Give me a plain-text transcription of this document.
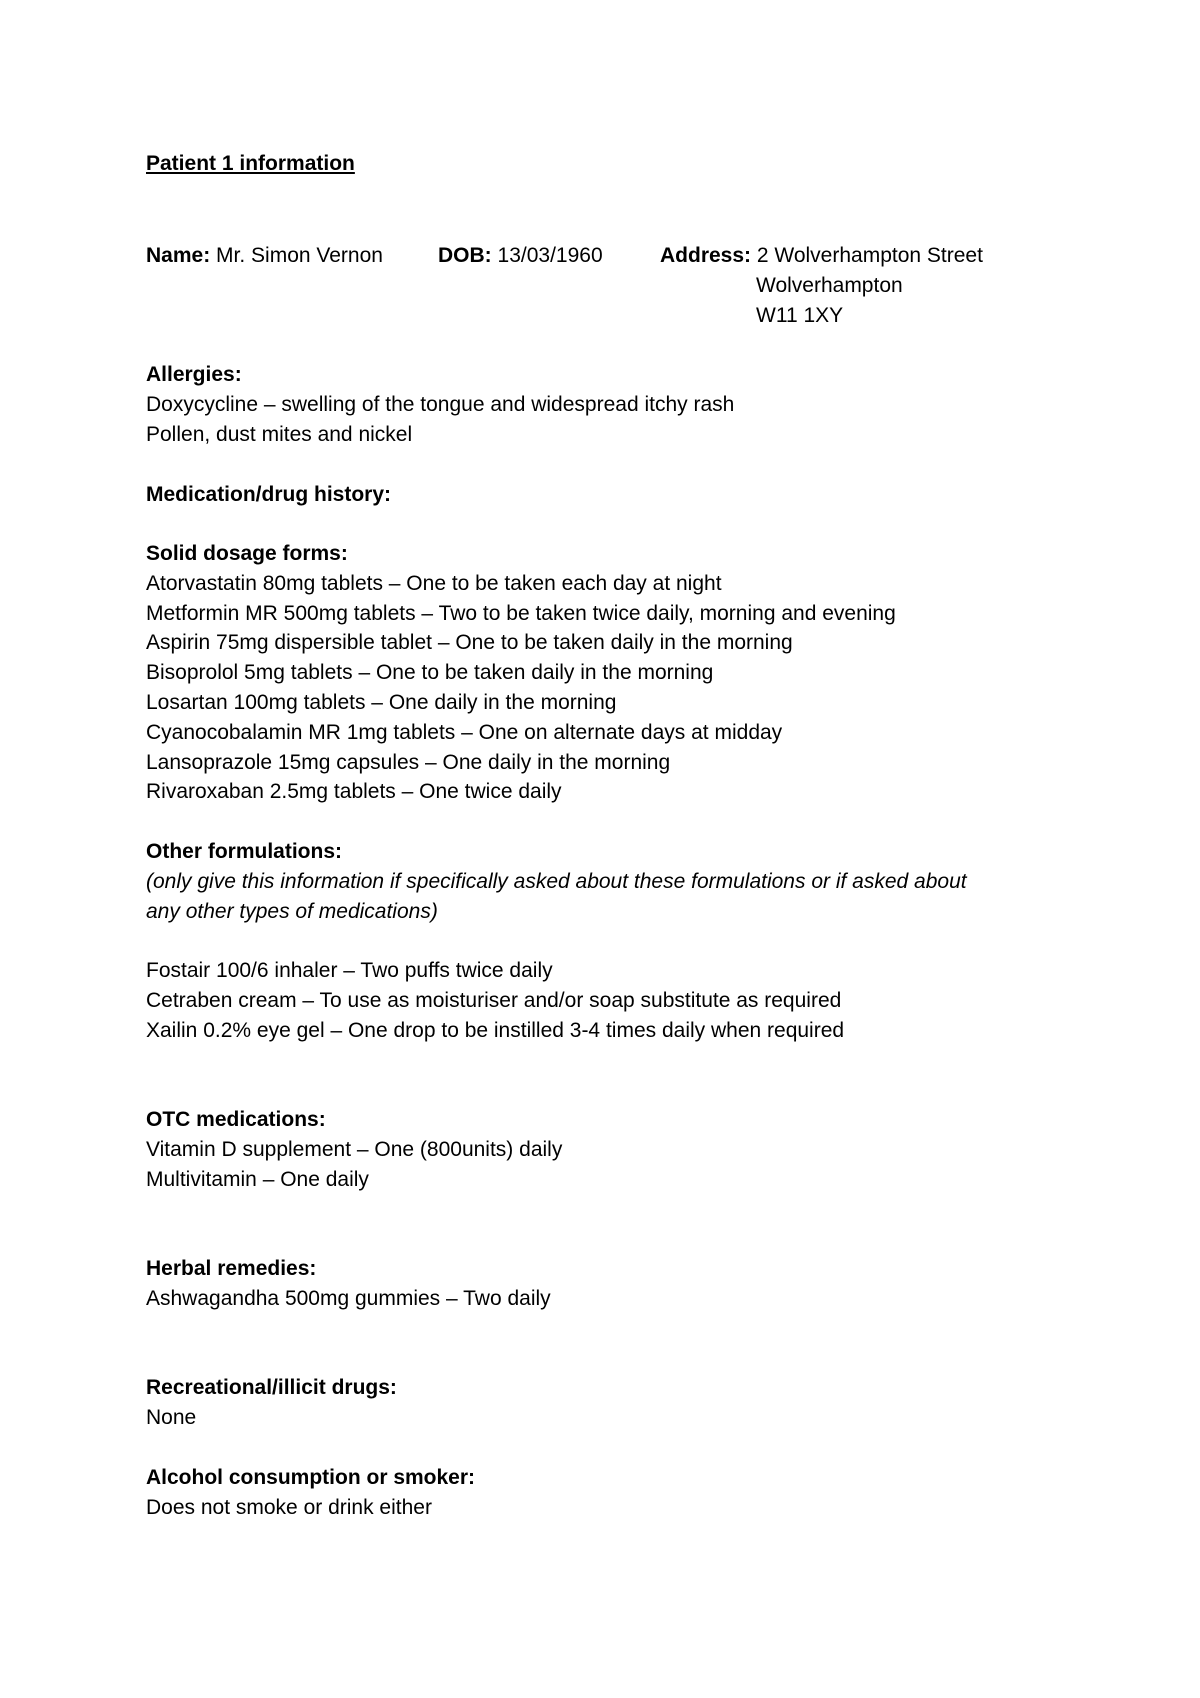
Patient 1 information
Name: Mr. Simon Vernon	DOB: 13/03/1960	Address: 2 Wolverhampton Street
Wolverhampton
W11 1XY
Allergies:
Doxycycline – swelling of the tongue and widespread itchy rash
Pollen, dust mites and nickel
Medication/drug history:
Solid dosage forms:
Atorvastatin 80mg tablets – One to be taken each day at night
Metformin MR 500mg tablets – Two to be taken twice daily, morning and evening
Aspirin 75mg dispersible tablet – One to be taken daily in the morning
Bisoprolol 5mg tablets – One to be taken daily in the morning
Losartan 100mg tablets – One daily in the morning
Cyanocobalamin MR 1mg tablets – One on alternate days at midday
Lansoprazole 15mg capsules – One daily in the morning
Rivaroxaban 2.5mg tablets – One twice daily
Other formulations:
(only give this information if specifically asked about these formulations or if asked about
any other types of medications)
Fostair 100/6 inhaler – Two puffs twice daily
Cetraben cream – To use as moisturiser and/or soap substitute as required
Xailin 0.2% eye gel – One drop to be instilled 3-4 times daily when required
OTC medications:
Vitamin D supplement – One (800units) daily
Multivitamin – One daily
Herbal remedies:
Ashwagandha 500mg gummies – Two daily
Recreational/illicit drugs:
None
Alcohol consumption or smoker:
Does not smoke or drink either
